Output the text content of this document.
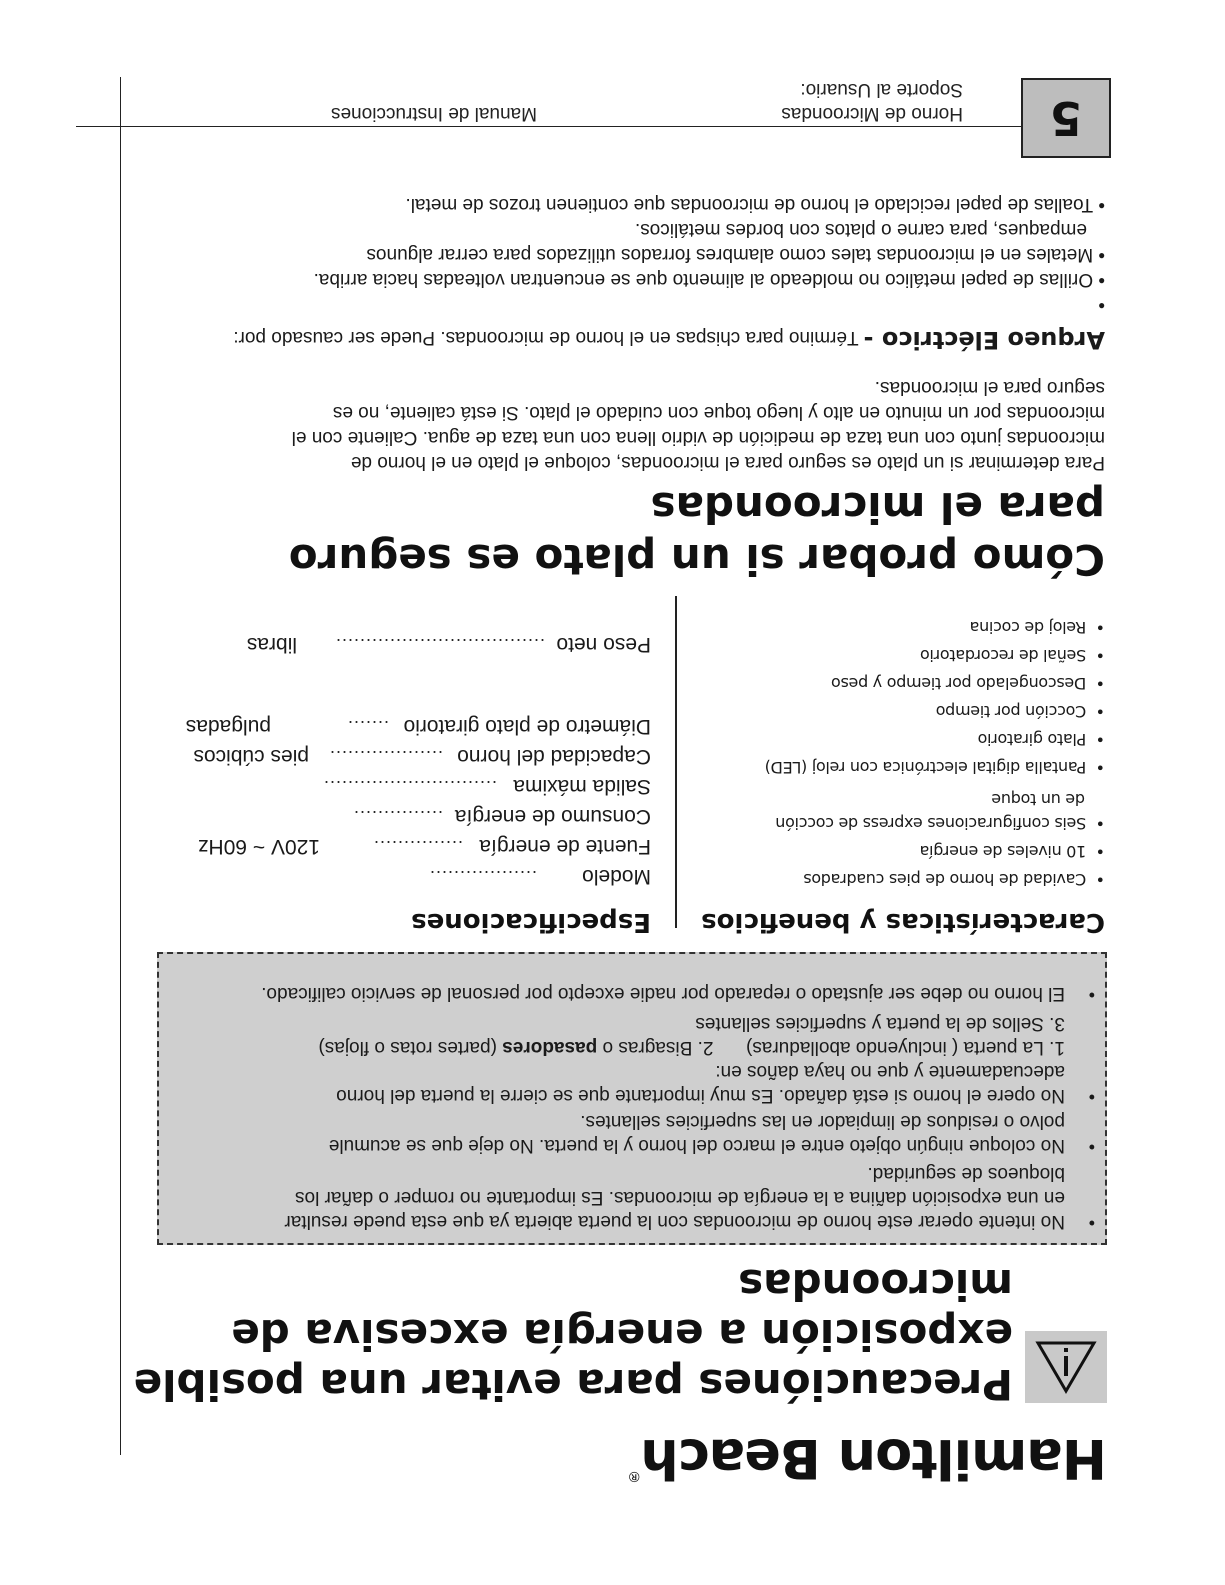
5
Horno de Microondas
Soporte al Usuario:
Manual de Instrucciones
Hamilton Beach®
Precauciónes para evitar una posible
exposición a energía excesiva de
microondas
•
No intente operar este horno de microondas con la puerta abierta ya que esta puede resultar
en una exposición dañina a la energía de microondas. Es importante no romper o dañar los
bloqueos de seguridad.
•
No coloque ningún objeto entre el marco del horno y la puerta. No deje que se acumule
polvo o residuos de limpiador en las superficies sellantes.
•
No opere el horno si está dañado. Es muy importante que se cierre la puerta del horno
adecuadamente y que no haya daños en:
1. La puerta ( incluyendo abolladuras)  2. Bisagras o pasadores (partes rotas o flojas)
3. Sellos de la puerta y superficies sellantes
•
El horno no debe ser ajustado o reparado por nadie excepto por personal de servicio calificado.
Características y beneficios
•  Cavidad de horno de pies cuadrados
•  10 niveles de energía
•  Seis configuraciones express de cocción
de un toque
•  Pantalla digital electrónica con reloj (LED)
•  Plato giratorio
•  Cocción por tiempo
•  Descongelado por tiempo y peso
•  Señal de recordatorio
•  Reloj de cocina
Especificaciones
Modelo
..................
Fuente de energía
...............
120V ~ 60Hz
Consumo de energía
...............
Salida máxima
.............................
Capacidad del horno
...................
pies cúbicos
Diámetro de plato giratorio
.......
pulgadas
Peso neto
...................................
libras
Cómo probar si un plato es seguro
para el microondas
Para determinar si un plato es seguro para el microondas, coloque el plato en el horno de
microondas junto con una taza de medición de vidrio llena con una taza de agua. Caliente con el
microondas por un minuto en alto y luego toque con cuidado el plato. Si está caliente, no es
seguro para el microondas.
Arqueo Eléctrico - Término para chispas en el horno de microondas. Puede ser causado por:
•
• Orillas de papel metálico no moldeado al alimento que se encuentran volteadas hacia arriba.
• Metales en el microondas tales como alambres forrados utilizados para cerrar algunos
empaques, para carne o platos con bordes metálicos.
• Toallas de papel reciclado el horno de microondas que contienen trozos de metal.
